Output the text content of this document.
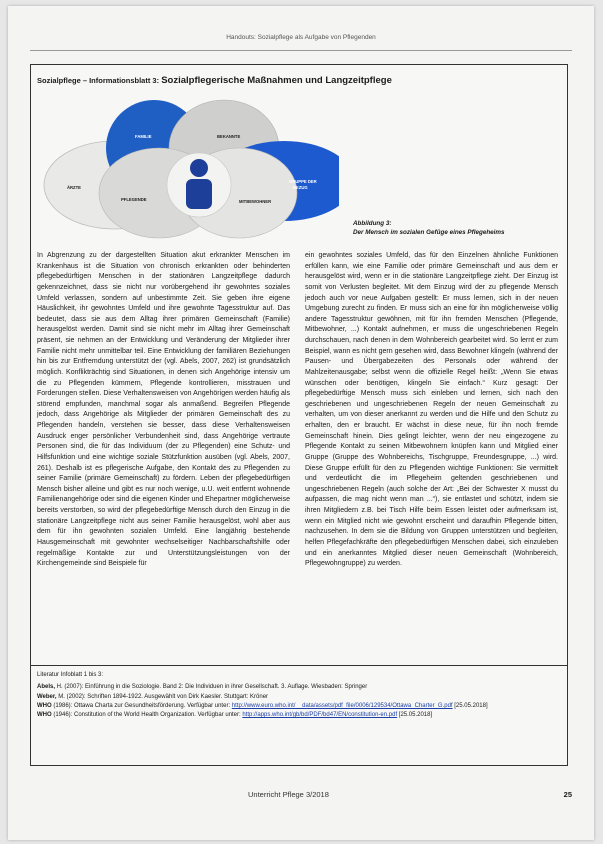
Handouts: Sozialpflege als Aufgabe von Pflegenden
Sozialpflege – Informationsblatt 3: Sozialpflegerische Maßnahmen und Langzeitpflege
FAMILIE	BEKANNTE
ÄRZTE
PFLEGENDE	MITBEWOHNER
GRUPPE DER
BEZUG
Abbildung 3:
Der Mensch im sozialen Gefüge eines Pflegeheims
In Abgrenzung zu der dargestellten Situation akut erkrankter Menschen im Krankenhaus ist die Situation von chronisch erkrankten oder behinderten pflegebedürftigen Menschen in der stationären Langzeitpflege dadurch gekennzeichnet, dass sie nicht nur vorübergehend ihr gewohntes soziales Umfeld verlassen, sondern auf unbestimmte Zeit. Sie geben ihre eigene Häuslichkeit, ihr gewohntes Umfeld und ihre gewohnte Tagesstruktur auf. Das bedeutet, dass sie aus dem Alltag ihrer primären Gemeinschaft (Familie) herausgelöst werden. Damit sind sie nicht mehr im Alltag ihrer Gemeinschaft präsent, sie nehmen an der Entwicklung und Veränderung der Mitglieder ihrer Familie nicht mehr unmittelbar teil. Eine Entwicklung der familiären Beziehungen hin bis zur Entfremdung unterstützt der (vgl. Abels, 2007, 262) ist grundsätzlich möglich. Konflikträchtig sind Situationen, in denen sich Angehörige intensiv um die zu Pflegenden kümmern, Pflegende kontrollieren, misstrauen und Forderungen stellen. Diese Verhaltensweisen von Angehörigen werden häufig als störend empfunden, manchmal sogar als anmaßend. Begreifen Pflegende jedoch, dass Angehörige als Mitglieder der primären Gemeinschaft des zu Pflegenden handeln, verstehen sie besser, dass diese Verhaltensweisen Ausdruck enger persönlicher Verbundenheit sind, dass Angehörige vertraute Personen sind, die für das Individuum (der zu Pflegenden) eine Schutz- und Hilfsfunktion und eine wichtige soziale Stützfunktion ausüben (vgl. Abels, 2007, 261). Deshalb ist es pflegerische Aufgabe, den Kontakt des zu Pflegenden zu seiner Familie (primäre Gemeinschaft) zu fördern. Leben der pflegebedürftigen Mensch bisher alleine und gibt es nur noch wenige, u.U. weit entfernt wohnende Familienangehörige oder sind die eigenen Kinder und Ehepartner möglicherweise bereits verstorben, so wird der pflegebedürftige Mensch durch den Einzug in die stationäre Langzeitpflege nicht aus seiner Familie herausgelöst, wohl aber aus dem für ihn gewohnten sozialen Umfeld. Eine langjährig bestehende Hausgemeinschaft mit gewohnter wechselseitiger Nachbarschaftshilfe oder regelmäßige Kontakte zur und Unterstützungsleistungen von der Kirchengemeinde sind Beispiele für
ein gewohntes soziales Umfeld, das für den Einzelnen ähnliche Funktionen erfüllen kann, wie eine Familie oder primäre Gemeinschaft und aus dem er herausgelöst wird, wenn er in die stationäre Langzeitpflege zieht. Der Einzug ist somit von Verlusten begleitet. Mit dem Einzug wird der zu pflegende Mensch jedoch auch vor neue Aufgaben gestellt: Er muss lernen, sich in der neuen Umgebung zurecht zu finden. Er muss sich an eine für ihn möglicherweise völlig andere Tagesstruktur gewöhnen, mit für ihn fremden Menschen (Pflegende, Mitbewohner, ...) Kontakt aufnehmen, er muss die ungeschriebenen Regeln durchschauen, nach denen in dem Wohnbereich gearbeitet wird. So lernt er zum Beispiel, wann es nicht gern gesehen wird, dass Bewohner klingeln (während der Pausen- und Übergabezeiten des Personals oder während der Mahlzeitenausgabe; selbst wenn die offizielle Regel heißt: „Wenn Sie etwas wünschen oder benötigen, klingeln Sie einfach.“ Kurz gesagt: Der pflegebedürftige Mensch muss sich einleben und lernen, sich nach den geschriebenen und ungeschriebenen Regeln der neuen Gemeinschaft zu verhalten, um von dieser anerkannt zu werden und die Hilfe und den Schutz zu erhalten, den er braucht. Er wächst in diese neue, für ihn noch fremde Gemeinschaft hinein. Dies gelingt leichter, wenn der neu eingezogene zu Pflegende Kontakt zu seinen Mitbewohnern knüpfen kann und Mitglied einer Gruppe (Gruppe des Wohnbereichs, Tischgruppe, Freundesgruppe, ...) wird. Diese Gruppe erfüllt für den zu Pflegenden wichtige Funktionen: Sie vermittelt und verdeutlicht die im Pflegeheim geltenden geschriebenen und ungeschriebenen Regeln (auch solche der Art: „Bei der Schwester X musst du aufpassen, die mag nicht wenn man ...“), sie entlastet und schützt, indem sie ihren Mitgliedern z.B. bei Tisch Hilfe beim Essen leistet oder aufmerksam ist, wenn ein Mitglied nicht wie gewohnt erscheint und daraufhin Pflegende bitten, nachzusehen. In dem sie die Bildung von Gruppen unterstützen und begleiten, helfen Pflegefachkräfte den pflegebedürftigen Menschen dabei, sich einzuleben und ein anerkanntes Mitglied dieser neuen Gemeinschaft (Wohnbereich, Pflegewohngruppe) zu werden.
Literatur Infoblatt 1 bis 3:
Abels, H. (2007): Einführung in die Soziologie. Band 2: Die Individuen in ihrer Gesellschaft. 3. Auflage. Wiesbaden: Springer
Weber, M. (2002): Schriften 1894-1922. Ausgewählt von Dirk Kaesler. Stuttgart: Kröner
WHO (1986): Ottawa Charta zur Gesundheitsförderung. Verfügbar unter: http://www.euro.who.int/__data/assets/pdf_file/0006/129534/Ottawa_Charter_G.pdf [25.05.2018]
WHO (1946): Constitution of the World Health Organization. Verfügbar unter: http://apps.who.int/gb/bd/PDF/bd47/EN/constitution-en.pdf [25.05.2018]
Unterricht Pflege 3/2018	25
